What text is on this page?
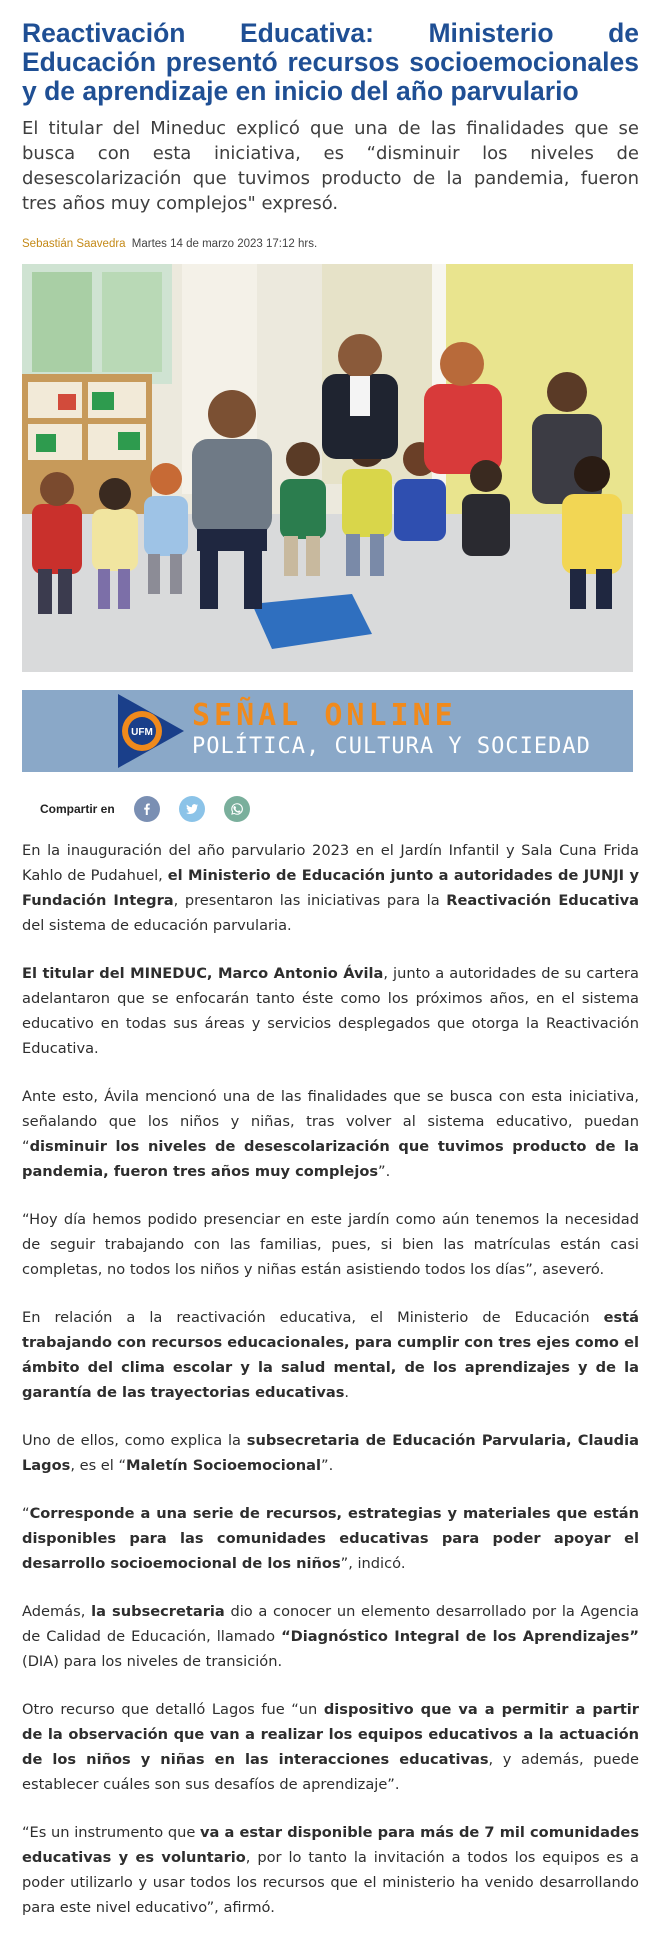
Reactivación Educativa: Ministerio de Educación presentó recursos socioemocionales y de aprendizaje en inicio del año parvulario

El titular del Mineduc explicó que una de las finalidades que se busca con esta iniciativa, es “disminuir los niveles de desescolarización que tuvimos producto de la pandemia, fueron tres años muy complejos" expresó.

Sebastián Saavedra Martes 14 de marzo 2023 17:12 hrs.
UFM SEÑAL ONLINE
POLÍTICA, CULTURA Y SOCIEDAD
Compartir en

En la inauguración del año parvulario 2023 en el Jardín Infantil y Sala Cuna Frida Kahlo de Pudahuel, el Ministerio de Educación junto a autoridades de JUNJI y Fundación Integra, presentaron las iniciativas para la Reactivación Educativa del sistema de educación parvularia.

El titular del MINEDUC, Marco Antonio Ávila, junto a autoridades de su cartera adelantaron que se enfocarán tanto éste como los próximos años, en el sistema educativo en todas sus áreas y servicios desplegados que otorga la Reactivación Educativa.

Ante esto, Ávila mencionó una de las finalidades que se busca con esta iniciativa, señalando que los niños y niñas, tras volver al sistema educativo, puedan “disminuir los niveles de desescolarización que tuvimos producto de la pandemia, fueron tres años muy complejos”.

“Hoy día hemos podido presenciar en este jardín como aún tenemos la necesidad de seguir trabajando con las familias, pues, si bien las matrículas están casi completas, no todos los niños y niñas están asistiendo todos los días”, aseveró.

En relación a la reactivación educativa, el Ministerio de Educación está trabajando con recursos educacionales, para cumplir con tres ejes como el ámbito del clima escolar y la salud mental, de los aprendizajes y de la garantía de las trayectorias educativas.

Uno de ellos, como explica la subsecretaria de Educación Parvularia, Claudia Lagos, es el “Maletín Socioemocional”.

“Corresponde a una serie de recursos, estrategias y materiales que están disponibles para las comunidades educativas para poder apoyar el desarrollo socioemocional de los niños”, indicó.

Además, la subsecretaria dio a conocer un elemento desarrollado por la Agencia de Calidad de Educación, llamado “Diagnóstico Integral de los Aprendizajes” (DIA) para los niveles de transición.

Otro recurso que detalló Lagos fue “un dispositivo que va a permitir a partir de la observación que van a realizar los equipos educativos a la actuación de los niños y niñas en las interacciones educativas, y además, puede establecer cuáles son sus desafíos de aprendizaje”.

“Es un instrumento que va a estar disponible para más de 7 mil comunidades educativas y es voluntario, por lo tanto la invitación a todos los equipos es a poder utilizarlo y usar todos los recursos que el ministerio ha venido desarrollando para este nivel educativo”, afirmó.
